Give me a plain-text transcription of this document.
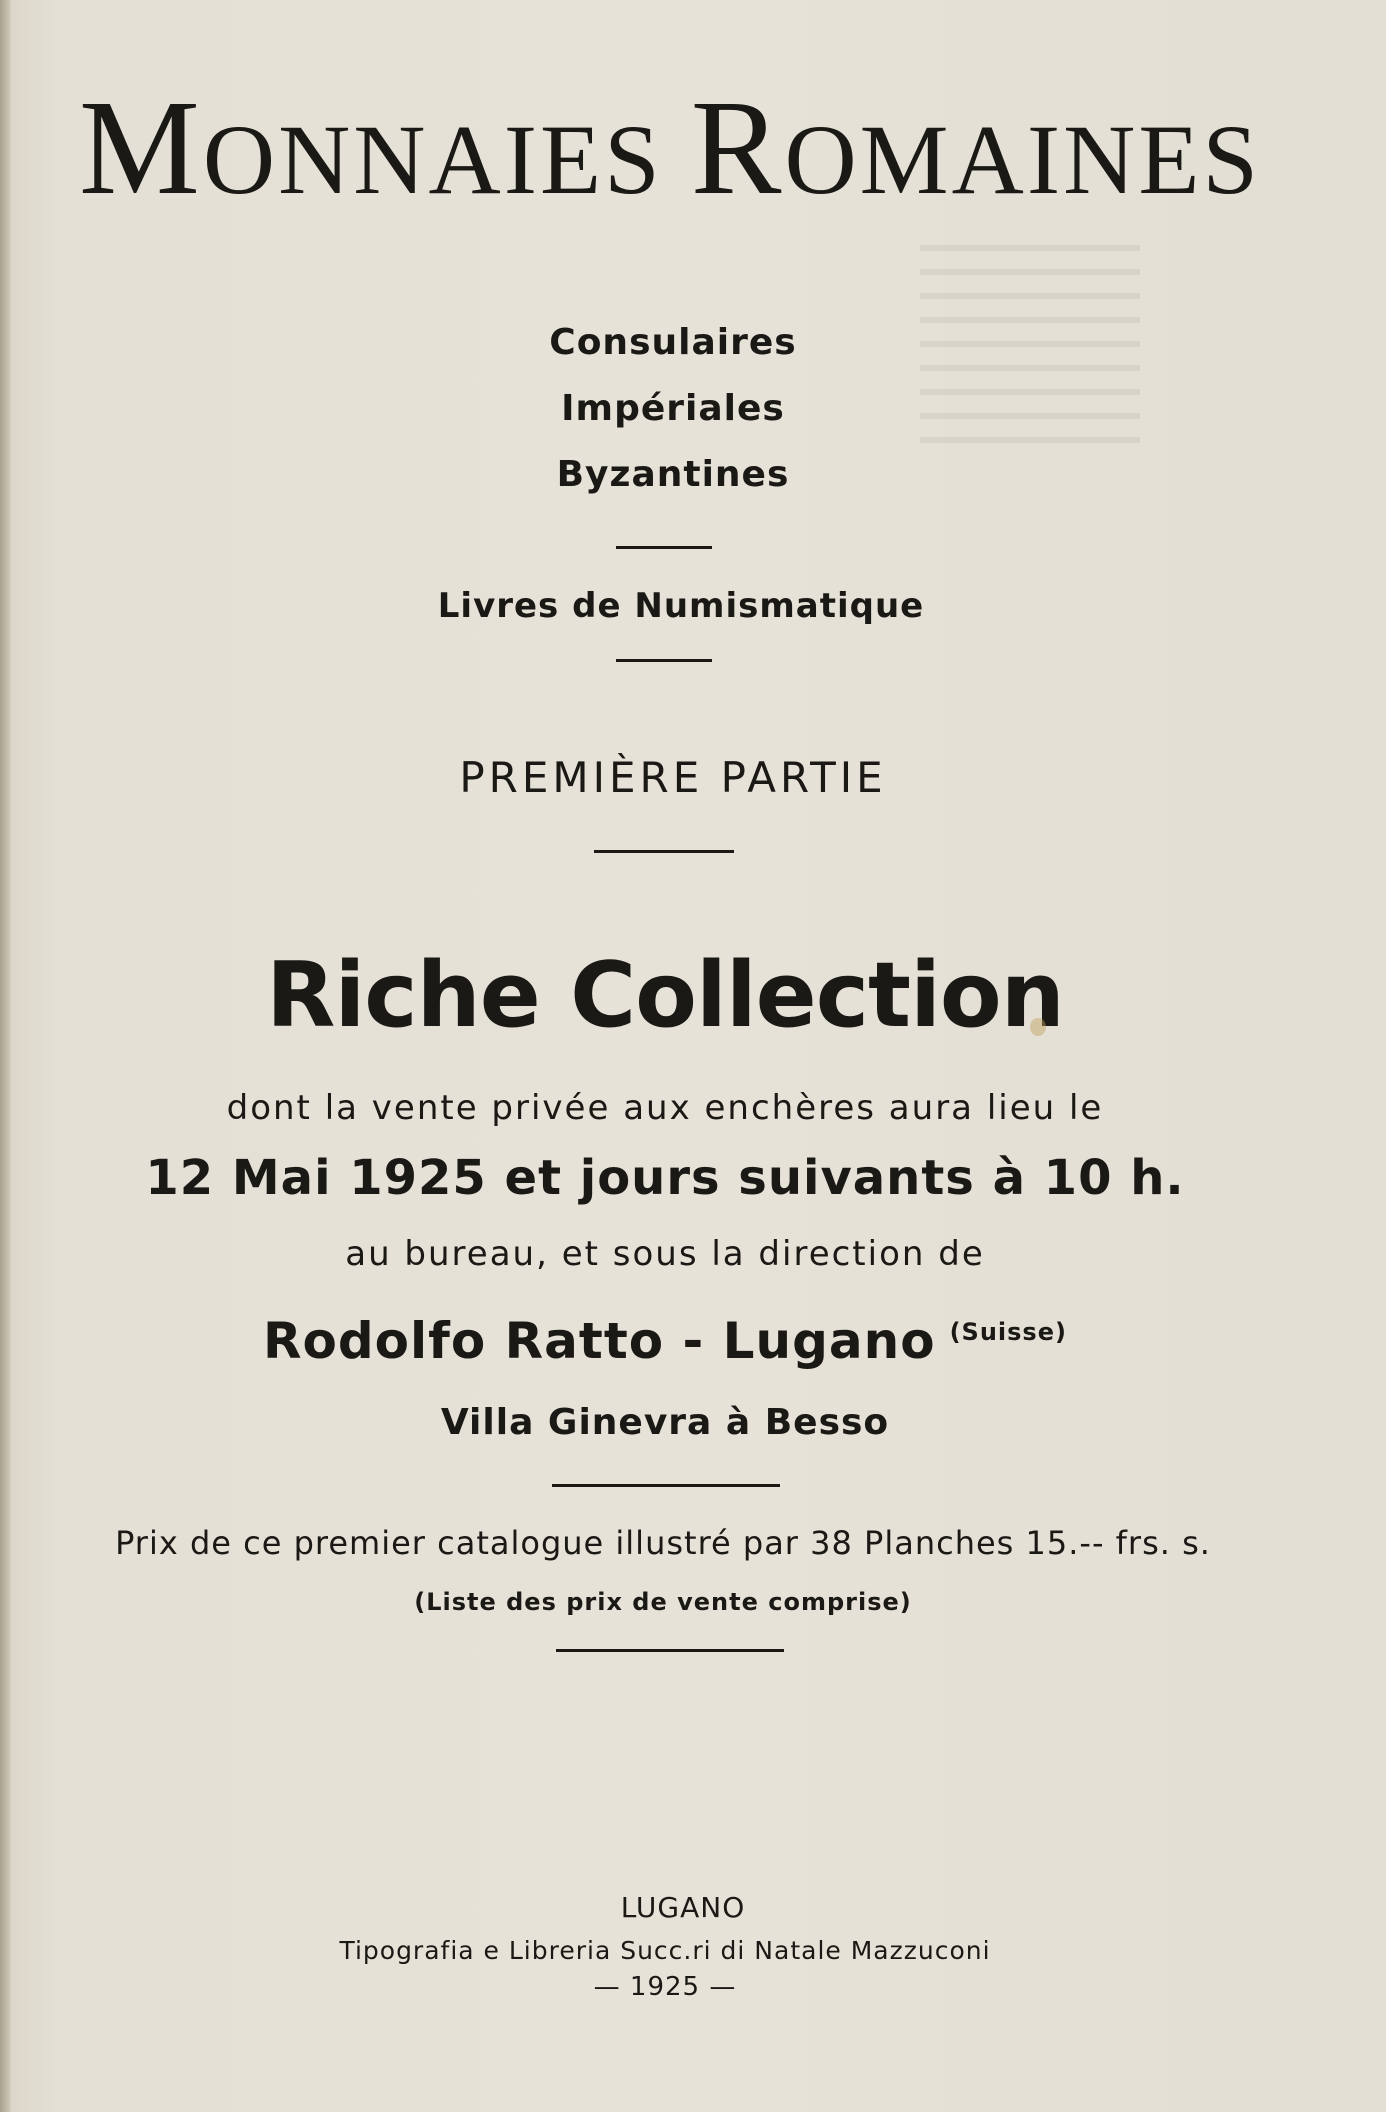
MONNAIES ROMAINES
Consulaires
Impériales
Byzantines
Livres de Numismatique
PREMIÈRE PARTIE
Riche Collection
dont la vente privée aux enchères aura lieu le
12 Mai 1925 et jours suivants à 10 h.
au bureau, et sous la direction de
Rodolfo Ratto - Lugano $^{(Suisse)}$
Villa Ginevra à Besso
Prix de ce premier catalogue illustré par 38 Planches 15.-- frs. s.
(Liste des prix de vente comprise)
LUGANO
Tipografia e Libreria Succ.ri di Natale Mazzuconi
— 1925 —
